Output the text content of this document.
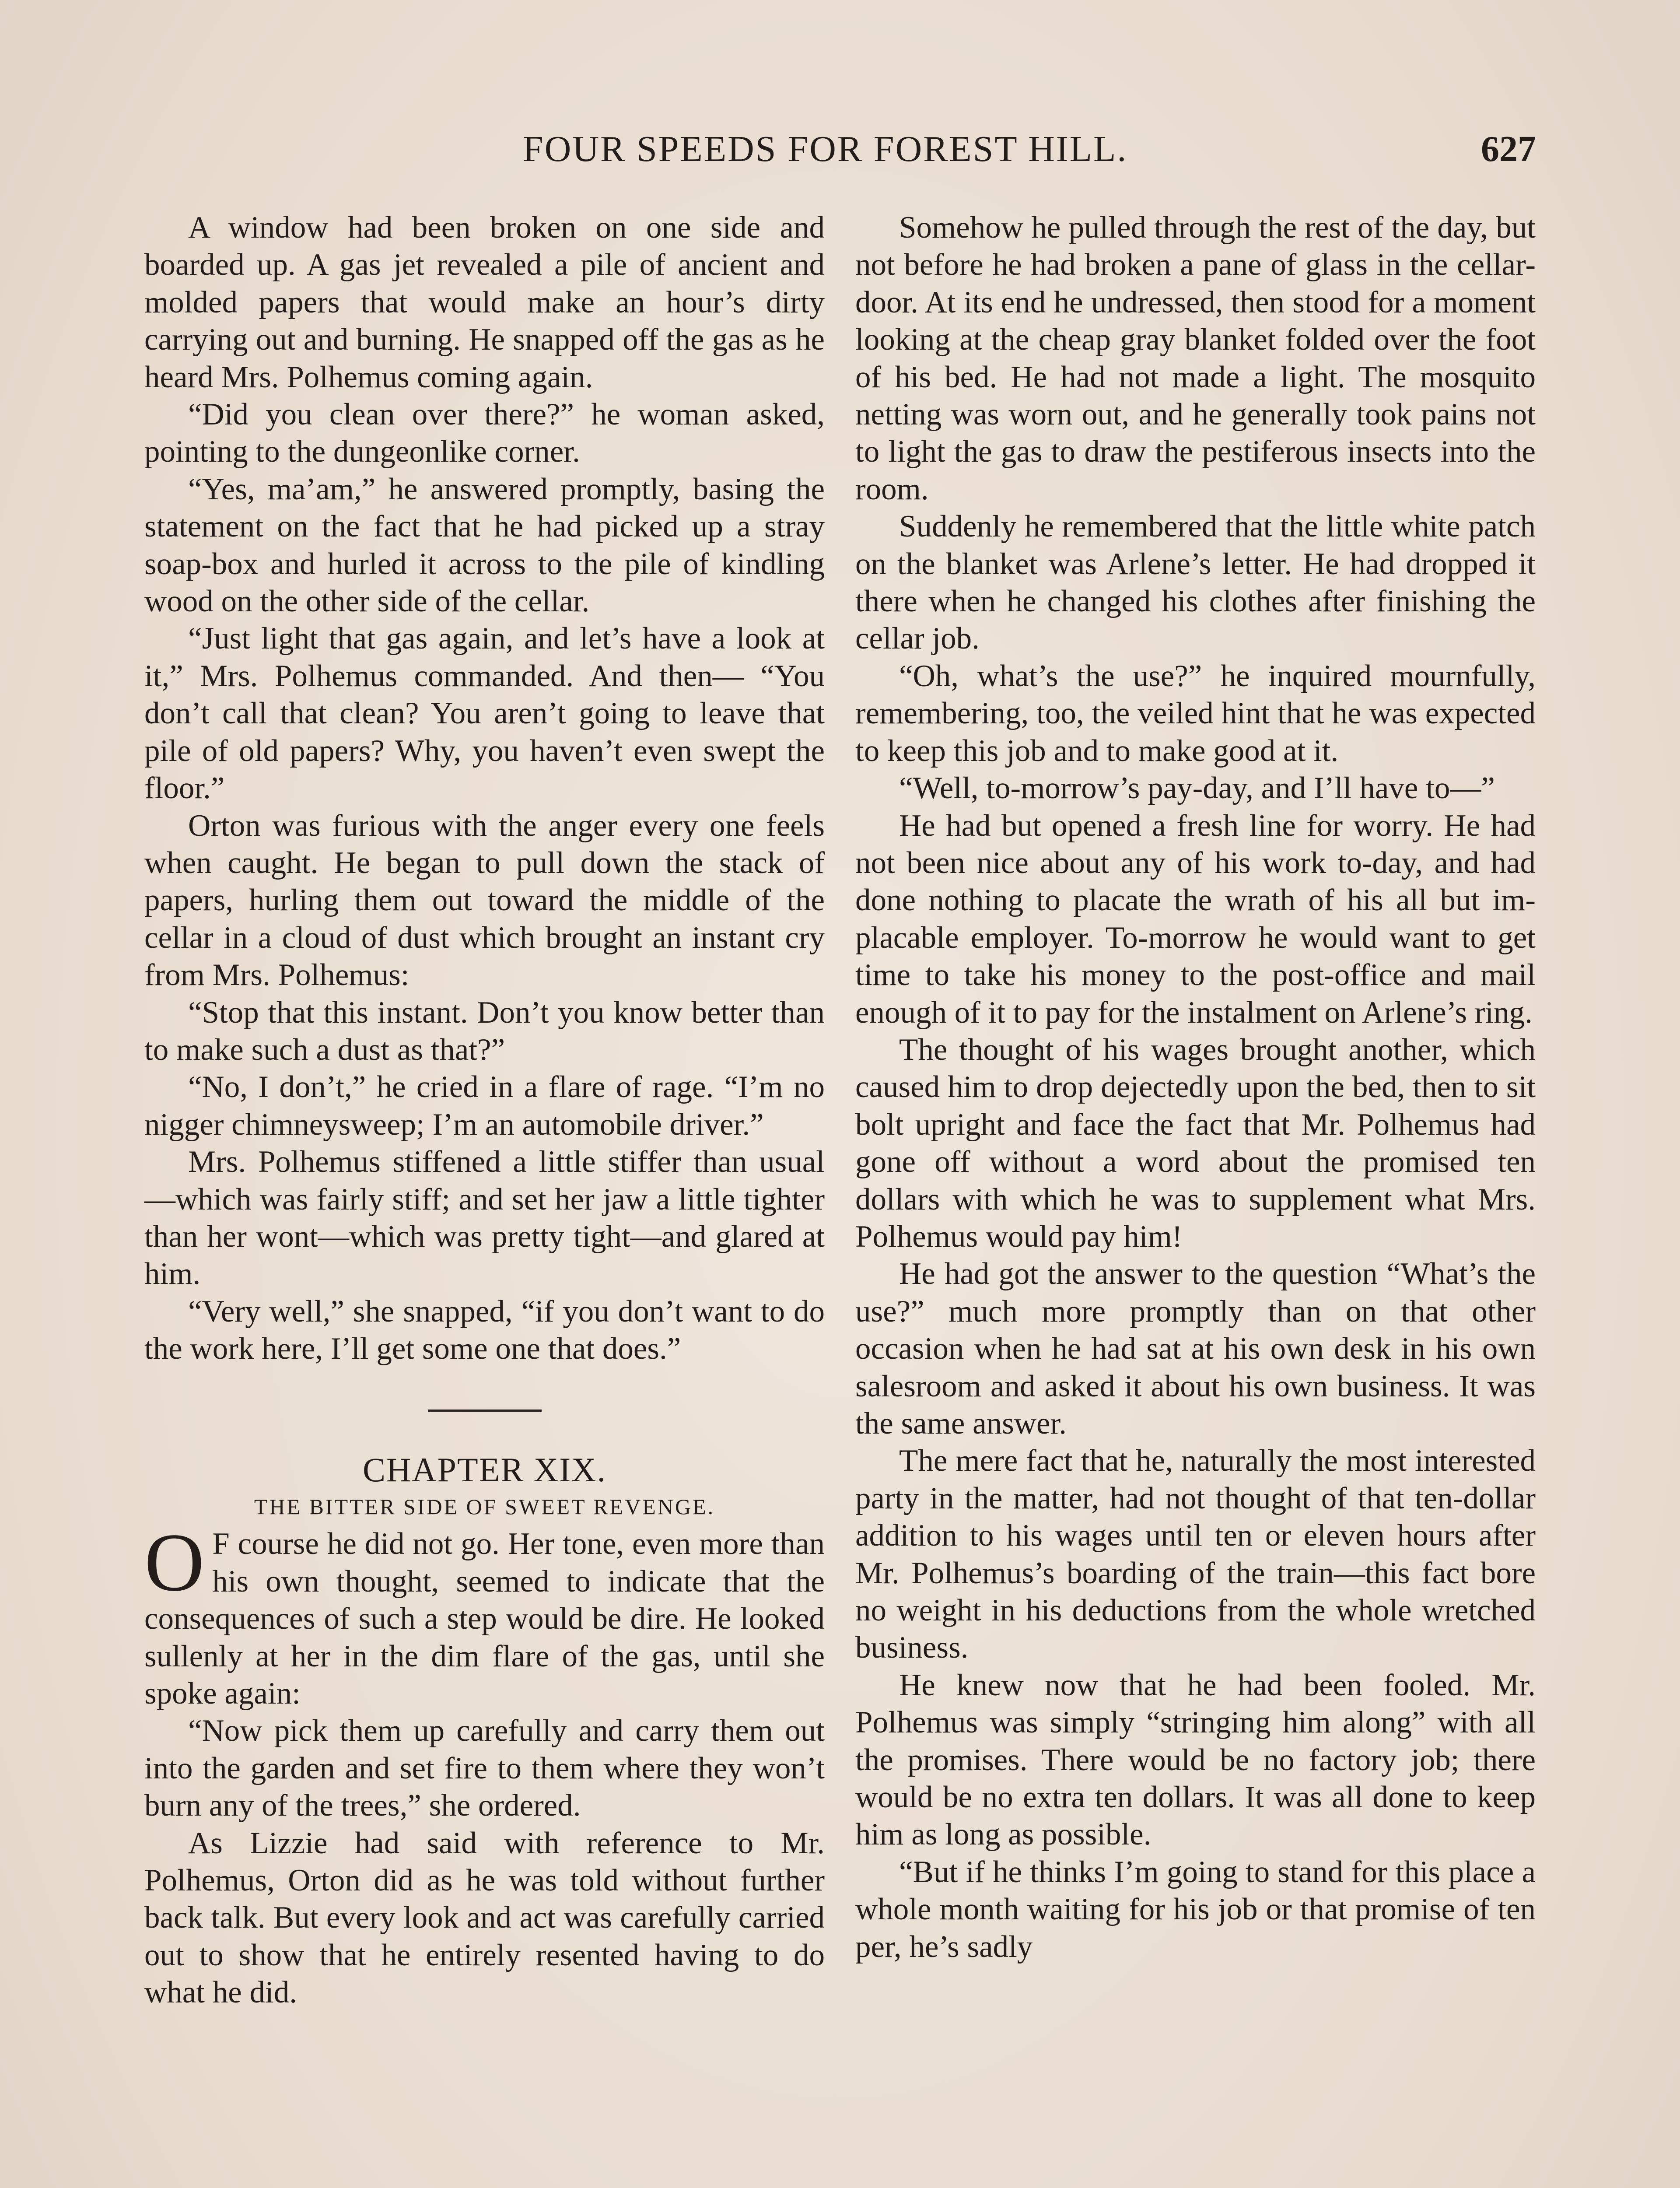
FOUR SPEEDS FOR FOREST HILL.	627

A window had been broken on one side and boarded up. A gas jet revealed a pile of ancient and molded papers that would make an hour’s dirty carrying out and burning. He snapped off the gas as he heard Mrs. Polhemus coming again.

“Did you clean over there?” he woman asked, pointing to the dungeonlike corner.

“Yes, ma’am,” he answered promptly, basing the statement on the fact that he had picked up a stray soap-box and hurled it across to the pile of kindling wood on the other side of the cellar.

“Just light that gas again, and let’s have a look at it,” Mrs. Polhemus commanded. And then— “You don’t call that clean? You aren’t going to leave that pile of old papers? Why, you haven’t even swept the floor.”

Orton was furious with the anger every one feels when caught. He began to pull down the stack of papers, hurling them out toward the middle of the cellar in a cloud of dust which brought an instant cry from Mrs. Polhemus:

“Stop that this instant. Don’t you know better than to make such a dust as that?”

“No, I don’t,” he cried in a flare of rage. “I’m no nigger chimneysweep; I’m an automobile driver.”

Mrs. Polhemus stiffened a little stiffer than usual—which was fairly stiff; and set her jaw a little tighter than her wont—which was pretty tight—and glared at him.

“Very well,” she snapped, “if you don’t want to do the work here, I’ll get some one that does.”

CHAPTER XIX.

THE BITTER SIDE OF SWEET REVENGE.

O F course he did not go. Her tone, even more than his own thought, seemed to indicate that the consequences of such a step would be dire. He looked sullenly at her in the dim flare of the gas, until she spoke again:

“Now pick them up carefully and carry them out into the garden and set fire to them where they won’t burn any of the trees,” she ordered.

As Lizzie had said with reference to Mr. Polhemus, Orton did as he was told without further back talk. But every look and act was carefully carried out to show that he entirely resented having to do what he did.

Somehow he pulled through the rest of the day, but not before he had broken a pane of glass in the cellar-door. At its end he undressed, then stood for a moment looking at the cheap gray blanket folded over the foot of his bed. He had not made a light. The mosquito netting was worn out, and he generally took pains not to light the gas to draw the pestiferous insects into the room.

Suddenly he remembered that the little white patch on the blanket was Arlene’s letter. He had dropped it there when he changed his clothes after finishing the cellar job.

“Oh, what’s the use?” he inquired mournfully, remembering, too, the veiled hint that he was expected to keep this job and to make good at it.

“Well, to-morrow’s pay-day, and I’ll have to—”

He had but opened a fresh line for worry. He had not been nice about any of his work to-day, and had done nothing to placate the wrath of his all but implacable employer. To-morrow he would want to get time to take his money to the post-office and mail enough of it to pay for the instalment on Arlene’s ring.

The thought of his wages brought another, which caused him to drop dejectedly upon the bed, then to sit bolt upright and face the fact that Mr. Polhemus had gone off without a word about the promised ten dollars with which he was to supplement what Mrs. Polhemus would pay him!

He had got the answer to the question “What’s the use?” much more promptly than on that other occasion when he had sat at his own desk in his own salesroom and asked it about his own business. It was the same answer.

The mere fact that he, naturally the most interested party in the matter, had not thought of that ten-dollar addition to his wages until ten or eleven hours after Mr. Polhemus’s boarding of the train—this fact bore no weight in his deductions from the whole wretched business.

He knew now that he had been fooled. Mr. Polhemus was simply “stringing him along” with all the promises. There would be no factory job; there would be no extra ten dollars. It was all done to keep him as long as possible.

“But if he thinks I’m going to stand for this place a whole month waiting for his job or that promise of ten per, he’s sadly
